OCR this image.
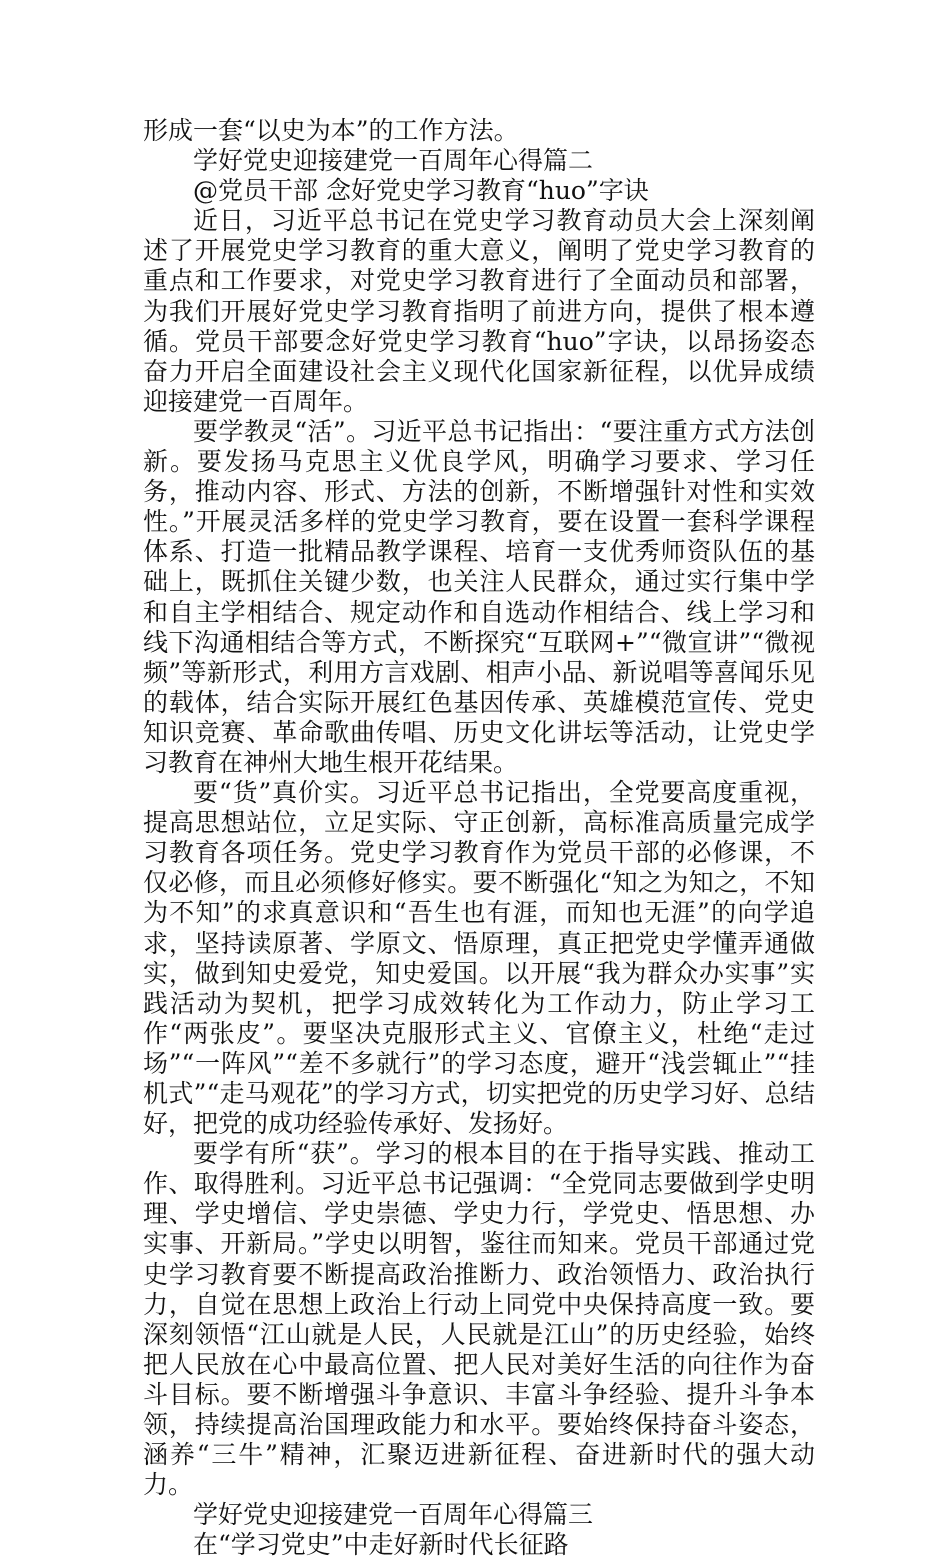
形成一套“以史为本”的工作方法。

学好党史迎接建党一百周年心得篇二

@党员干部 念好党史学习教育“huo”字诀

近日，习近平总书记在党史学习教育动员大会上深刻阐述了开展党史学习教育的重大意义，阐明了党史学习教育的重点和工作要求，对党史学习教育进行了全面动员和部署，为我们开展好党史学习教育指明了前进方向，提供了根本遵循。党员干部要念好党史学习教育“huo”字诀，以昂扬姿态奋力开启全面建设社会主义现代化国家新征程，以优异成绩迎接建党一百周年。

要学教灵“活”。习近平总书记指出：“要注重方式方法创新。要发扬马克思主义优良学风，明确学习要求、学习任务，推动内容、形式、方法的创新，不断增强针对性和实效性。”开展灵活多样的党史学习教育，要在设置一套科学课程体系、打造一批精品教学课程、培育一支优秀师资队伍的基础上，既抓住关键少数，也关注人民群众，通过实行集中学和自主学相结合、规定动作和自选动作相结合、线上学习和线下沟通相结合等方式，不断探究“互联网+”“微宣讲”“微视频”等新形式，利用方言戏剧、相声小品、新说唱等喜闻乐见的载体，结合实际开展红色基因传承、英雄模范宣传、党史知识竞赛、革命歌曲传唱、历史文化讲坛等活动，让党史学习教育在神州大地生根开花结果。

要“货”真价实。习近平总书记指出，全党要高度重视，提高思想站位，立足实际、守正创新，高标准高质量完成学习教育各项任务。党史学习教育作为党员干部的必修课，不仅必修，而且必须修好修实。要不断强化“知之为知之，不知为不知”的求真意识和“吾生也有涯，而知也无涯”的向学追求，坚持读原著、学原文、悟原理，真正把党史学懂弄通做实，做到知史爱党，知史爱国。以开展“我为群众办实事”实践活动为契机，把学习成效转化为工作动力，防止学习工作“两张皮”。要坚决克服形式主义、官僚主义，杜绝“走过场”“一阵风”“差不多就行”的学习态度，避开“浅尝辄止”“挂机式”“走马观花”的学习方式，切实把党的历史学习好、总结好，把党的成功经验传承好、发扬好。

要学有所“获”。学习的根本目的在于指导实践、推动工作、取得胜利。习近平总书记强调：“全党同志要做到学史明理、学史增信、学史崇德、学史力行，学党史、悟思想、办实事、开新局。”学史以明智，鉴往而知来。党员干部通过党史学习教育要不断提高政治推断力、政治领悟力、政治执行力，自觉在思想上政治上行动上同党中央保持高度一致。要深刻领悟“江山就是人民，人民就是江山”的历史经验，始终把人民放在心中最高位置、把人民对美好生活的向往作为奋斗目标。要不断增强斗争意识、丰富斗争经验、提升斗争本领，持续提高治国理政能力和水平。要始终保持奋斗姿态，涵养“三牛”精神，汇聚迈进新征程、奋进新时代的强大动力。

学好党史迎接建党一百周年心得篇三

在“学习党史”中走好新时代长征路
